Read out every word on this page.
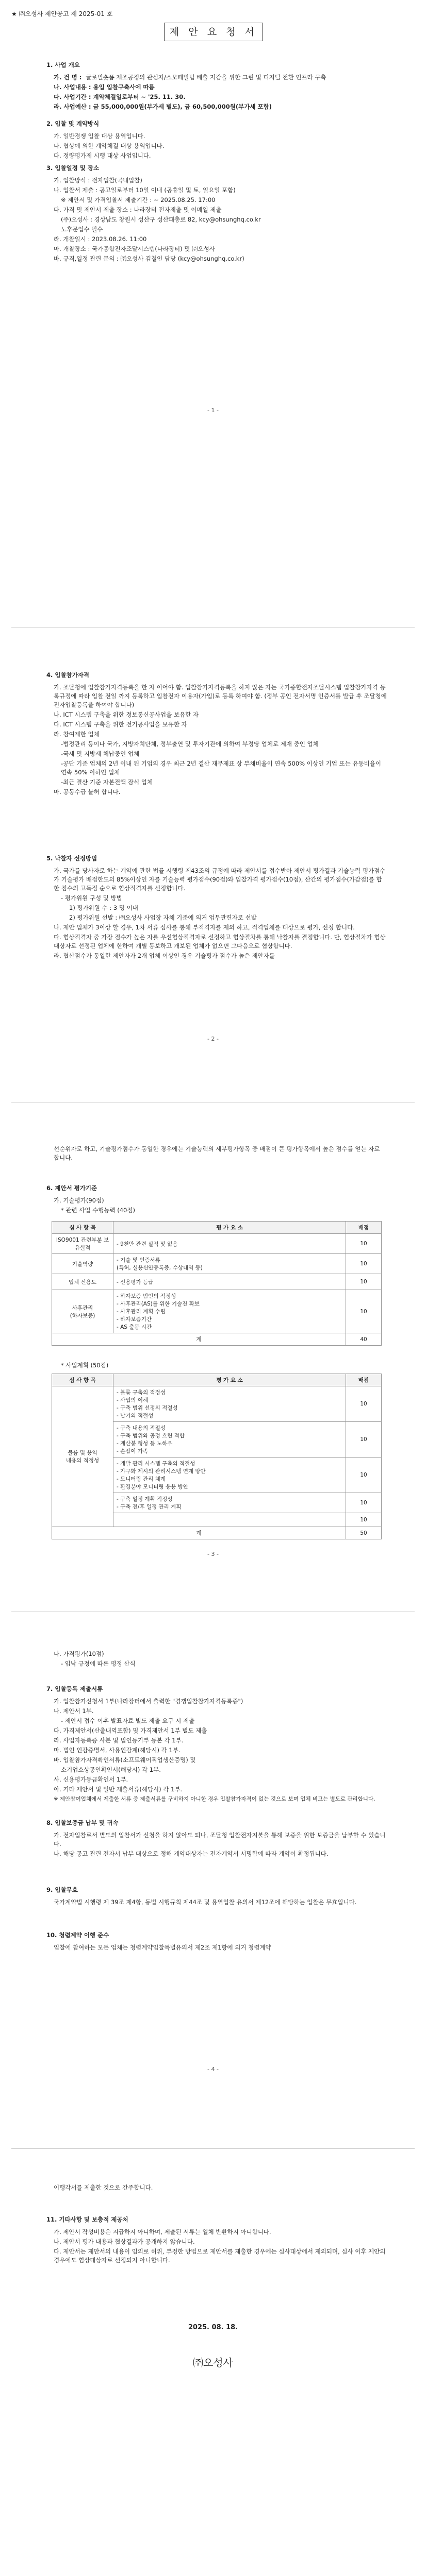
★ ㈜오성사 제안공고 제 2025-01 호
제 안 요 청 서
1. 사업 개요
가. 건 명 : 글로벌숏폼 제조공정의 관심자/스모패밀팁 배출 저감을 위한 그린 및 디지털 전환 인프라 구축
나. 사업내용 : 용입 입찰구축사에 따름
다. 사업기간 : 계약체결일로부터 ~ '25. 11. 30.
라. 사업예산 : 금 55,000,000원(부가세 별도), 금 60,500,000원(부가세 포함)
2. 입찰 및 계약방식
가. 일반경쟁 입찰 대상 용역입니다.
나. 협상에 의한 계약체결 대상 용역입니다.
다. 정량평가제 시행 대상 사업입니다.
3. 입찰일정 및 장소
가. 입찰방식 : 전자입찰(국내입찰)
나. 입찰서 제출 : 공고일로부터 10일 이내 (공휴일 및 토, 일요일 포함)
※ 제안서 및 가격입찰서 제출기간 : ~ 2025.08.25. 17:00
다. 가격 및 제안서 제출 장소 : 나라장터 전자제출 및 이메일 제출
(주)오성사 : 경상남도 창원시 성산구 성산패총로 82, kcy@ohsunghq.co.kr
노후문입수 필수
라. 개찰일시 : 2023.08.26. 11:00
마. 개찰장소 : 국가종합전자조달시스템(나라장터) 및 ㈜오성사
바. 규격,일정 관련 문의 : ㈜오성사 김철인 담당 (kcy@ohsunghq.co.kr)
- 1 -
4. 입찰참가자격
가. 조달청에 입찰참가자격등록을 한 자 이어야 함. 입찰참가자격등록을 하지 않은 자는 국가종합전자조달시스템 입찰참가자격 등록규정에 따라 입찰 전일 까지 등록하고 입찰전자 이용자(가입)로 등록 하여야 함. (정부 공인 전자서명 인증서를 발급 후 조달청에 전자입찰등록을 하여야 합니다)
나. ICT 시스템 구축을 위한 정보통신공사업을 보유한 자
다. ICT 시스템 구축을 위한 전기공사업을 보유한 자
라. 참여제한 업체
-법정관리 등이나 국가, 지방자치단체, 정부출연 및 투자기관에 의하여 부정당 업체로 제재 중인 업체
-국세 및 지방세 체납중인 업체
-공단 기준 업체의 2년 이내 된 기업의 경우 최근 2년 결산 재무제표 상 부채비율이 연속 500% 이상인 기업 또는 유동비율이 연속 50% 이하인 업체
-최근 결산 기준 자본전액 잠식 업체
마. 공동수급 불허 합니다.
5. 낙찰자 선정방법
가. 국가를 당사자로 하는 계약에 관한 법률 시행령 제43조의 규정에 따라 제안서를 접수받아 제안서 평가결과 기술능력 평가점수가 기술평가 배점한도의 85%이상인 자를 기술능력 평가점수(90점)와 입찰가격 평가점수(10점), 산간의 평가점수(가감점)를 합한 점수의 고득점 순으로 협상적격자를 선정합니다.
- 평가위원 구성 및 방법
1) 평가위원 수 : 3 명 이내
2) 평가위원 선발 : ㈜오성사 사업장 자체 기준에 의거 업무관련자로 선발
나. 제안 업체가 3이상 할 경우, 1차 서류 심사를 통해 부적격자를 제외 하고, 적격업체를 대상으로 평가, 선정 합니다.
다. 협상적격자 중 가장 점수가 높은 자를 우선협상적격자로 선정하고 협상절차를 통해 낙찰자를 결정합니다. 단, 협상절차가 협상대상자로 선정된 업체에 한하여 개별 통보하고 개보된 업체가 없으면 그다음으로 협상합니다.
라. 협산점수가 동일한 제안자가 2개 업체 이상인 경우 기술평가 점수가 높은 제안자를
- 2 -
선순위자로 하고, 기술평가점수가 동일한 경우에는 기술능력의 세부평가항목 중 배점이 큰 평가항목에서 높은 점수를 얻는 자로 합니다.
6. 제안서 평가기준
가. 기술평가(90점)
* 관련 사업 수행능력 (40점)
심 사 항 목	평 가 요 소	배점
ISO9001 관련부분 보유실적	- 9천만 관련 실적 및 없음	10
기술역량	- 기술 및 인증서류
(특허, 실용신안등록증, 수상내역 등)	10
업체 신용도	- 신용평가 등급	10
사후관리
(하자보증)	- 하자보증 범인의 적정성
- 사후관리(AS)를 위한 기술진 확보
- 사후관리 계획 수립
- 하자보증기간
- AS 출동 시간	10
계		40
* 사업계획 (50점)
심 사 항 목	평 가 요 소	배점
볼륨 및 용역
내용의 적정성	- 볼륨 구축의 적정성
- 사업의 이해
- 구축 범위 선정의 적절성
- 납기의 적절성	10
	- 구축 내용의 적절성
- 구축 범위와 공정 흐린 적합
- 계산봉 형성 등 노하우
- 손잡이 가족	10
	- 개발 관리 시스템 구축의 적절성
- 가구화 제시의 관리시스템 연계 방안
- 모니터링 관리 체계
- 환경분야 모니터링 응용 방안	10
	- 구축 일정 계획 적정성
- 구축 전/후 일정 관리 계획	10
		10
계		50
- 3 -
나. 가격평가(10점)
- 입낙 규정에 따른 평정 산식
7. 입찰등록 제출서류
가. 입찰참가신청서 1부(나라장터에서 출력한 "경쟁입찰참가자격등록증")
나. 제안서 1부.
- 제안서 접수 이후 발표자료 별도 제출 요구 시 제출
다. 가격제안서(산출내역포함) 및 가격제안서 1부 별도 제출
라. 사업자등록증 사본 및 법인등기부 등본 각 1부.
마. 법인 인감증명서, 사용인감계(해당시) 각 1부.
바. 입찰참가자격확인서류(소프트웨어직업생산증명) 및
소기업소상공인확인서(해당시) 각 1부.
사. 신용평가등급확인서 1부.
아. 기타 제안서 및 일반 제출서류(해당시) 각 1부.
※ 제안참여업체에서 제출한 서류 중 제출서류를 구비하지 아니한 경우 입찰참가자격이 없는 것으로 보며 업체 비고는 별도로 관리합니다.
8. 입찰보증금 납부 및 귀속
가. 전자입찰로서 별도의 입찰서가 신청을 하지 않아도 되나, 조달청 입찰전자지불을 통해 보증을 위한 보증금을 납부할 수 있습니다.
나. 해당 공고 관련 전자서 납부 대상으로 정해 계약대상자는 전자계약서 서명함에 따라 계약이 확정됩니다.
9. 입찰무효
국가계약법 시행령 제 39조 제4항, 동법 시행규칙 제44조 및 용역입찰 유의서 제12조에 해당하는 입찰은 무효입니다.
10. 청렴계약 이행 준수
입찰에 참여하는 모든 업체는 청렴계약입찰특별유의서 제2조 제1항에 의거 청렴계약
- 4 -
이행각서를 제출한 것으로 간주합니다.
11. 기타사항 및 보충적 제공처
가. 제안서 작성비용은 지급하지 아니하며, 제출된 서류는 일체 반환하지 아니합니다.
나. 제안서 평가 내용과 협상결과가 공개하지 않습니다.
다. 제안서는 제안서의 내용이 임의로 허위, 부정한 방법으로 제안서를 제출한 경우에는 심사대상에서 제외되며, 심사 이후 제안의 경우에도 협상대상자로 선정되지 아니합니다.
2025. 08. 18.
㈜오성사
